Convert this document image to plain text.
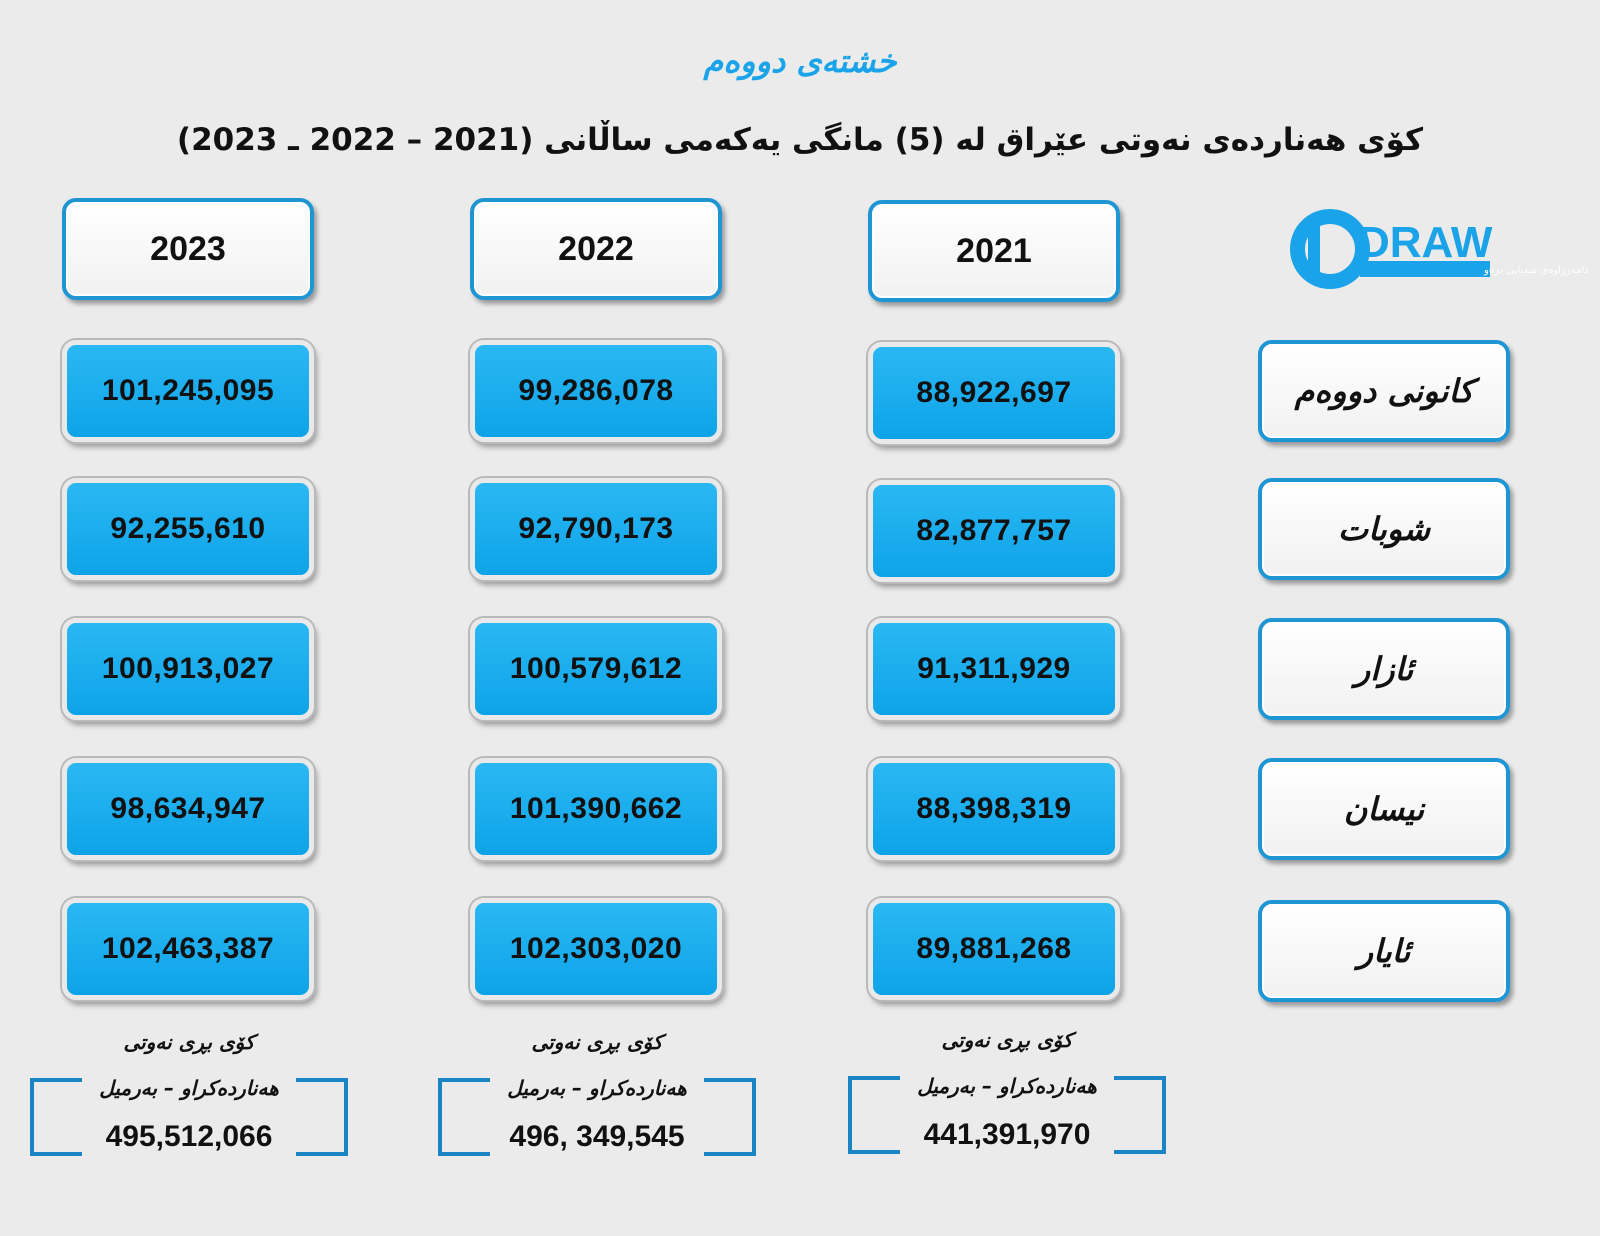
خشتەی دووەم
كۆی هەناردەی نەوتی عێراق لە (5) مانگی یەكەمی ساڵانی (2021 – 2022 ـ 2023)
DRAW
دامەزراوەی میدیایی درەو
2023	2022	2021
كانونی دووەم
شوبات
ئازار
نیسان
ئایار
101,245,095
92,255,610
100,913,027
98,634,947
102,463,387
99,286,078
92,790,173
100,579,612
101,390,662
102,303,020
88,922,697
82,877,757
91,311,929
88,398,319
89,881,268
كۆی بڕی نەوتی
هەناردەكراو – بەرمیل
495,512,066
كۆی بڕی نەوتی
هەناردەكراو – بەرمیل
496, 349,545
كۆی بڕی نەوتی
هەناردەكراو – بەرمیل
441,391,970
